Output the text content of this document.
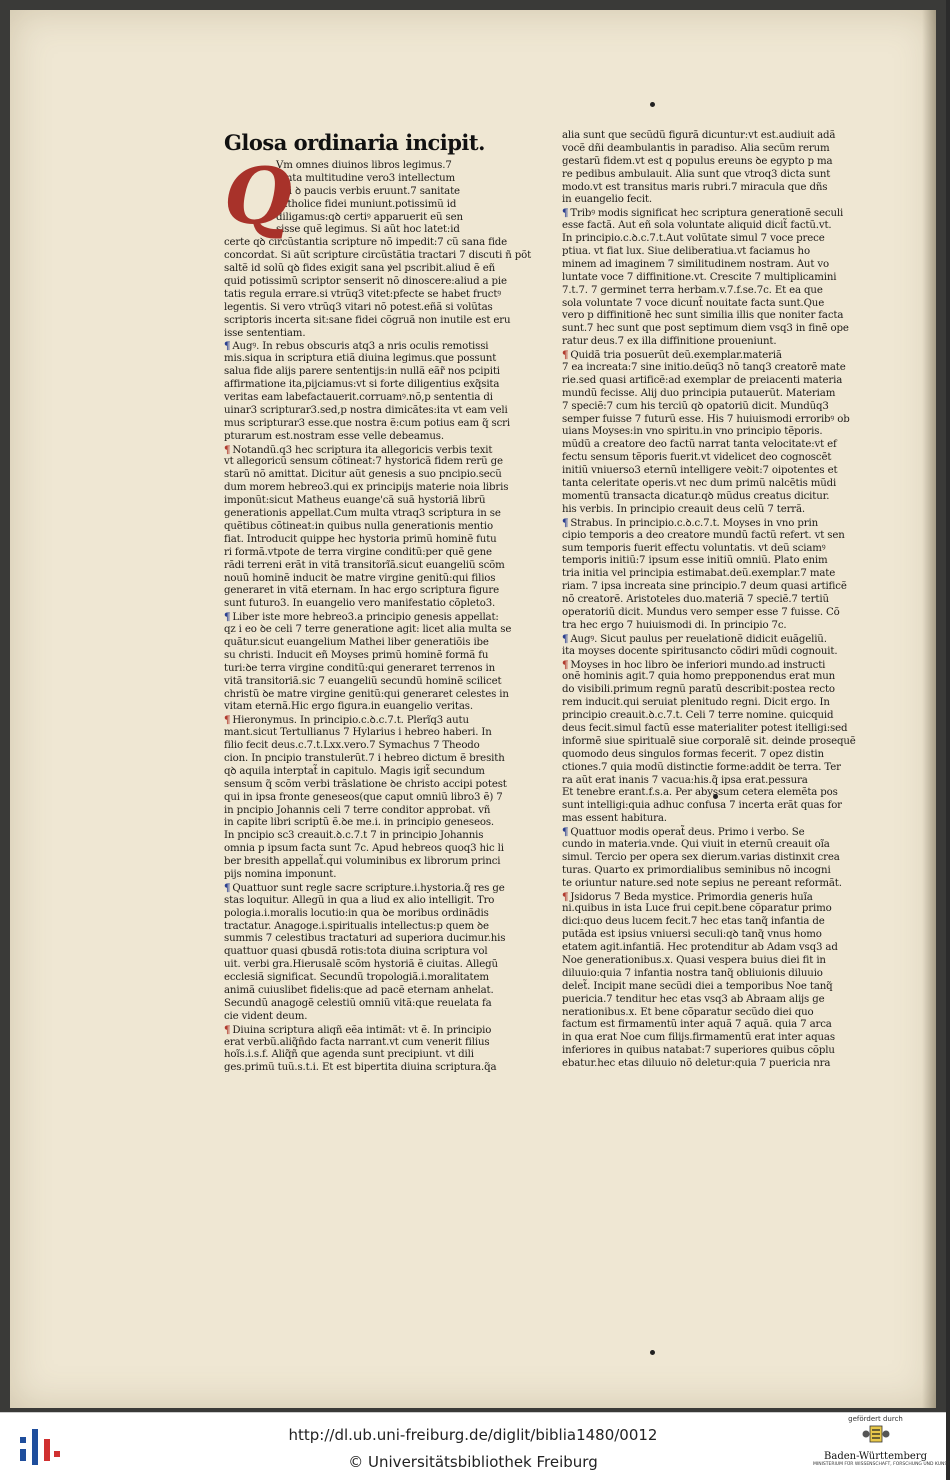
Glosa ordinaria incipit.
Q
Vm omnes diuinos libros legimus.7
tanta multitudine vero3 intellectum
qui ꝺ paucis verbis eruunt.7 sanitate
catholice fidei muniunt.potissimũ id
diligamus:qꝺ certiꝰ apparuerit eũ sen
sisse quẽ legimus. Si aũt hoc latet:id
certe qꝺ circũstantia scripture nõ impedit:7 cũ sana fide
concordat. Si aũt scripture circũstãtia tractari 7 discuti ñ põt
saltẽ id solũ qꝺ fides exigit sana ꝟel pscribit.aliud ẽ eñ
quid potissimũ scriptor senserit nõ dinoscere:aliud a pie
tatis regula errare.si vtrũq3 vitet:pfecte se habet fructꝰ
legentis. Si vero vtrũq3 vitari nõ potest.eñã si volũtas
scriptoris incerta sit:sane fidei cõgruã non inutile est eru
isse sententiam.
¶ Augꝰ. In rebus obscuris atq3 a nris oculis remotissi
mis.siqua in scriptura etiã diuina legimus.que possunt
salua fide alijs parere sententijs:in nullã eãr̃ nos pcipiti
affirmatione ita,pijciamus:vt si forte diligentius exq̃sita
veritas eam labefactauerit.corruamꝰ.nõ,p sententia di
uinar3 scripturar3.sed,p nostra dimicãtes:ita vt eam veli
mus scripturar3 esse.que nostra ẽ:cum potius eam q̃ scri
pturarum est.nostram esse velle debeamus.
¶ Notandũ.q3 hec scriptura ita allegoricis verbis texit
vt allegoricũ sensum cõtineat:7 hystoricã fidem rerũ ge
starũ nõ amittat. Dicitur aũt genesis a suo pncipio.secũ
dum morem hebreo3.qui ex principijs materie noia libris
imponũt:sicut Matheus euange'cã suã hystoriã librũ
generationis appellat.Cum multa vtraq3 scriptura in se
quẽtibus cõtineat:in quibus nulla generationis mentio
fiat. Introducit quippe hec hystoria primũ hominẽ futu
ri formã.vtpote de terra virgine conditũ:per quẽ gene
rãdi terreni erãt in vitã transitorĩã.sicut euangeliũ scõm
nouũ hominẽ inducit ꝺe matre virgine genitũ:qui filios
generaret in vitã eternam. In hac ergo scriptura figure
sunt futuro3. In euangelio vero manifestatio cõpleto3.
¶ Liber iste more hebreo3.a principio genesis appellat:
qz i eo ꝺe celi 7 terre generatione agit: licet alia multa se
quãtur.sicut euangelium Mathei liber generatiõis ibe
su christi. Inducit eñ Moyses primũ hominẽ formã fu
turi:ꝺe terra virgine conditũ:qui generaret terrenos in
vitã transitoriã.sic 7 euangeliũ secundũ hominẽ scilicet
christũ ꝺe matre virgine genitũ:qui generaret celestes in
vitam eternã.Hic ergo figura.in euangelio veritas.
¶ Hieronymus. In principio.c.ꝺ.c.7.t. Plerĩq3 autu
mant.sicut Tertullianus 7 Hylarius i hebreo haberi. In
filio fecit deus.c.7.t.Lxx.vero.7 Symachus 7 Theodo
cion. In pncipio transtulerũt.7 i hebreo dictum ẽ bresith
qꝺ aquila interptat̃ in capitulo. Magis igit̃ secundum
sensum q̃ scõm verbi trãslatione ꝺe christo accipi potest
qui in ipsa fronte geneseos(que caput omniũ libro3 ẽ) 7
in pncipio Johannis celi 7 terre conditor approbat. vñ
in capite libri scriptũ ẽ.ꝺe me.i. in principio geneseos.
In pncipio sc3 creauit.ꝺ.c.7.t 7 in principio Johannis
omnia p ipsum facta sunt 7c. Apud hebreos quoq3 hic li
ber bresith appellat̃.qui voluminibus ex librorum princi
pijs nomina imponunt.
¶ Quattuor sunt regle sacre scripture.i.hystoria.q̃ res ge
stas loquitur. Allegũ in qua a liud ex alio intelligit. Tro
pologia.i.moralis locutio:in qua ꝺe moribus ordinãdis
tractatur. Anagoge.i.spiritualis intellectus:p quem ꝺe
summis 7 celestibus tractaturi ad superiora ducimur.his
quattuor quasi qbusdã rotis:tota diuina scriptura vol
uit. verbi gra.Hierusalẽ scõm hystoriã ẽ ciuitas. Allegũ
ecclesiã significat. Secundũ tropologiã.i.moralitatem
animã cuiuslibet fidelis:que ad pacẽ eternam anhelat.
Secundũ anagogẽ celestiũ omniũ vitã:que reuelata fa
cie vident deum.
¶ Diuina scriptura aliqñ eẽa intimãt: vt ẽ. In principio
erat verbũ.aliq̃ñdo facta narrant.vt cum venerit filius
hoĩs.i.s.f. Aliq̃ñ que agenda sunt precipiunt. vt dili
ges.primũ tuũ.s.t.i. Et est bipertita diuina scriptura.q̃a
alia sunt que secũdũ figurã dicuntur:vt est.audiuit adã
vocẽ dñi deambulantis in paradiso. Alia secũm rerum
gestarũ fidem.vt est q populus ereuns ꝺe egypto p ma
re pedibus ambulauit. Alia sunt que vtroq3 dicta sunt
modo.vt est transitus maris rubri.7 miracula que dñs
in euangelio fecit.
¶ Tribꝰ modis significat hec scriptura generationẽ seculi
esse factã. Aut eñ sola voluntate aliquid dicit̃ factũ.vt.
In principio.c.ꝺ.c.7.t.Aut volũtate simul 7 voce prece
ptiua. vt fiat lux. Siue deliberatiua.vt faciamus ho
minem ad imaginem 7 similitudinem nostram. Aut vo
luntate voce 7 diffinitione.vt. Crescite 7 multiplicamini
7.t.7. 7 germinet terra herbam.v.7.f.se.7c. Et ea que
sola voluntate 7 voce dicunt̃ nouitate facta sunt.Que
vero p diffinitionẽ hec sunt similia illis que noniter facta
sunt.7 hec sunt que post septimum diem vsq3 in finẽ ope
ratur deus.7 ex illa diffinitione proueniunt.
¶ Quidã tria posuerũt deũ.exemplar.materiã
7 ea increata:7 sine initio.deũq3 nõ tanq3 creatorẽ mate
rie.sed quasi artificẽ:ad exemplar de preiacenti materia
mundũ fecisse. Alij duo principia putauerũt. Materiam
7 speciẽ:7 cum his terciũ qꝺ opatoriũ dicit. Mundũq3
semper fuisse 7 futurũ esse. His 7 huiuismodi erroribꝰ ob
uians Moyses:in vno spiritu.in vno principio tẽporis.
mũdũ a creatore deo factũ narrat tanta velocitate:vt ef
fectu sensum tẽporis fuerit.vt videlicet deo cognoscẽt
initiũ vniuerso3 eternũ intelligere veꝺit:7 oipotentes et
tanta celeritate operis.vt nec dum primũ nalcẽtis mũdi
momentũ transacta dicatur.qꝺ mũdus creatus dicitur.
his verbis. In principio creauit deus celũ 7 terrã.
¶ Strabus. In principio.c.ꝺ.c.7.t. Moyses in vno prin
cipio temporis a deo creatore mundũ factũ refert. vt sen
sum temporis fuerit effectu voluntatis. vt deũ sciamꝰ
temporis initiũ:7 ipsum esse initiũ omniũ. Plato enim
tria initia vel principia estimabat.deũ.exemplar.7 mate
riam. 7 ipsa increata sine principio.7 deum quasi artificẽ
nõ creatorẽ. Aristoteles duo.materiã 7 speciẽ.7 tertiũ
operatoriũ dicit. Mundus vero semper esse 7 fuisse. Cõ
tra hec ergo 7 huiuismodi di. In principio 7c.
¶ Augꝰ. Sicut paulus per reuelationẽ didicit euãgeliũ.
ita moyses docente spiritusancto cõdiri mũdi cognouit.
¶ Moyses in hoc libro ꝺe inferiori mundo.ad instructi
onẽ hominis agit.7 quia homo prepponendus erat mun
do visibili.primum regnũ paratũ describit:postea recto
rem inducit.qui seruiat plenitudo regni. Dicit ergo. In
principio creauit.ꝺ.c.7.t. Celi 7 terre nomine. quicquid
deus fecit.simul factũ esse materialiter potest itelligi:sed
informẽ siue spiritualẽ siue corporalẽ sit. deinde prosequẽ
quomodo deus singulos formas fecerit. 7 opez distin
ctiones.7 quia modũ distinctie forme:addit ꝺe terra. Ter
ra aũt erat inanis 7 vacua:his.q̃ ipsa erat.pessura
Et tenebre erant.f.s.a. Per abyssum cetera elemẽta pos
sunt intelligi:quia adhuc confusa 7 incerta erãt quas for
mas essent habitura.
¶ Quattuor modis operat̃ deus. Primo i verbo. Se
cundo in materia.vnde. Qui viuit in eternũ creauit oĩa
simul. Tercio per opera sex dierum.varias distinxit crea
turas. Quarto ex primordialibus seminibus nõ incogni
te oriuntur nature.sed note sepius ne pereant reformãt.
¶ Jsidorus 7 Beda mystice. Primordia generis huĩa
ni.quibus in ista Luce frui cepit.bene cõparatur primo
dici:quo deus lucem fecit.7 hec etas tanq̃ infantia de
putãda est ipsius vniuersi seculi:qꝺ tanq̃ vnus homo
etatem agit.infantiã. Hec protenditur ab Adam vsq3 ad
Noe generationibus.x. Quasi vespera buius diei fit in
diluuio:quia 7 infantia nostra tanq̃ obliuionis diluuio
delet̃. Incipit mane secũdi diei a temporibus Noe tanq̃
puericia.7 tenditur hec etas vsq3 ab Abraam alijs ge
nerationibus.x. Et bene cõparatur secũdo diei quo
factum est firmamentũ inter aquã 7 aquã. quia 7 arca
in qua erat Noe cum filijs.firmamentũ erat inter aquas
inferiores in quibus natabat:7 superiores quibus cõplu
ebatur.hec etas diluuio nõ deletur:quia 7 puericia nra
http://dl.ub.uni-freiburg.de/diglit/biblia1480/0012
© Universitätsbibliothek Freiburg
gefördert durch
Baden-Württemberg
MINISTERIUM FÜR WISSENSCHAFT, FORSCHUNG UND KUNST
